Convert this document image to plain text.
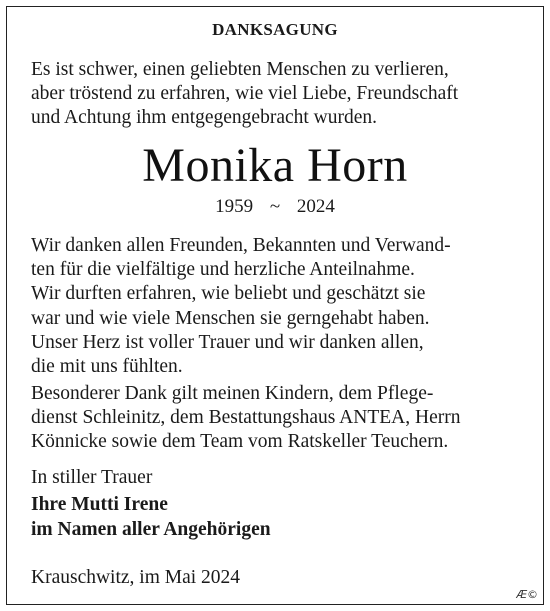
DANKSAGUNG
Es ist schwer, einen geliebten Menschen zu verlieren,
aber tröstend zu erfahren, wie viel Liebe, Freundschaft
und Achtung ihm entgegengebracht wurden.
Monika Horn
1959 ~ 2024
Wir danken allen Freunden, Bekannten und Verwand-
ten für die vielfältige und herzliche Anteilnahme.
Wir durften erfahren, wie beliebt und geschätzt sie
war und wie viele Menschen sie gerngehabt haben.
Unser Herz ist voller Trauer und wir danken allen,
die mit uns fühlten.
Besonderer Dank gilt meinen Kindern, dem Pflege-
dienst Schleinitz, dem Bestattungshaus ANTEA, Herrn
Könnicke sowie dem Team vom Ratskeller Teuchern.
In stiller Trauer
Ihre Mutti Irene
im Namen aller Angehörigen
Krauschwitz, im Mai 2024
Æ©
